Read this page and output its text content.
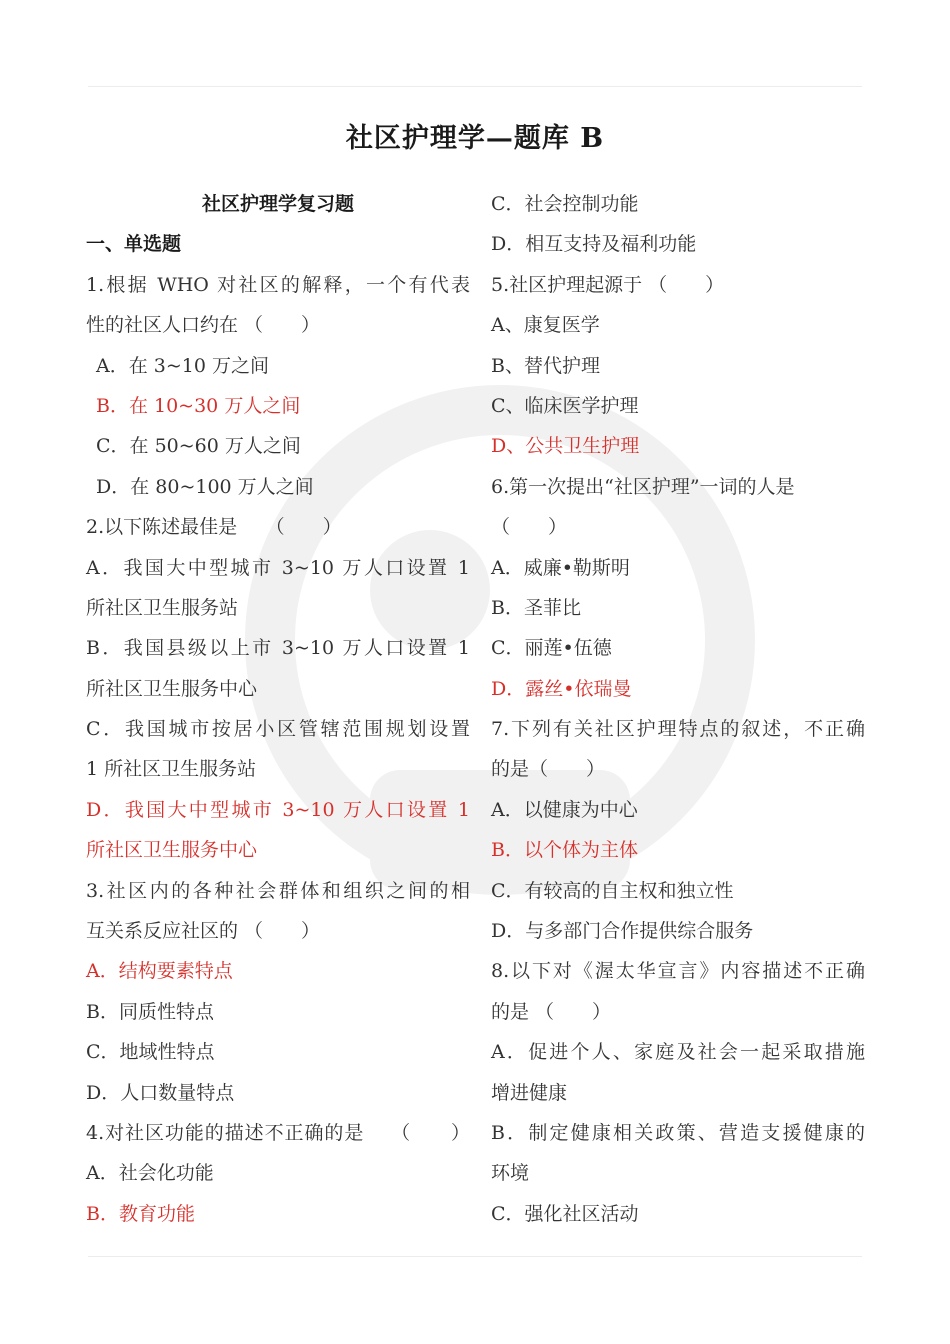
社区护理学—题库 B
社区护理学复习题
一、单选题
1.根据 WHO 对社区的解释，一个有代表
性的社区人口约在 （　　）
A．在 3~10 万之间
B．在 10~30 万人之间
C．在 50~60 万人之间
D．在 80~100 万人之间
2.以下陈述最佳是　　（　　）
A．我国大中型城市 3~10 万人口设置 1
所社区卫生服务站
B．我国县级以上市 3~10 万人口设置 1
所社区卫生服务中心
C．我国城市按居小区管辖范围规划设置
1 所社区卫生服务站
D．我国大中型城市 3~10 万人口设置 1
所社区卫生服务中心
3.社区内的各种社会群体和组织之间的相
互关系反应社区的 （　　）
A．结构要素特点
B．同质性特点
C．地域性特点
D．人口数量特点
4.对社区功能的描述不正确的是　 （　　）
A．社会化功能
B．教育功能
C．社会控制功能
D．相互支持及福利功能
5.社区护理起源于 （　　）
A、康复医学
B、替代护理
C、临床医学护理
D、公共卫生护理
6.第一次提出“社区护理”一词的人是
（　　）
A．威廉•勒斯明
B．圣菲比
C．丽莲•伍德
D．露丝•依瑞曼
7.下列有关社区护理特点的叙述，不正确
的是（　　）
A．以健康为中心
B．以个体为主体
C．有较高的自主权和独立性
D．与多部门合作提供综合服务
8.以下对《渥太华宣言》内容描述不正确
的是 （　　）
A．促进个人、家庭及社会一起采取措施
增进健康
B．制定健康相关政策、营造支援健康的
环境
C．强化社区活动
